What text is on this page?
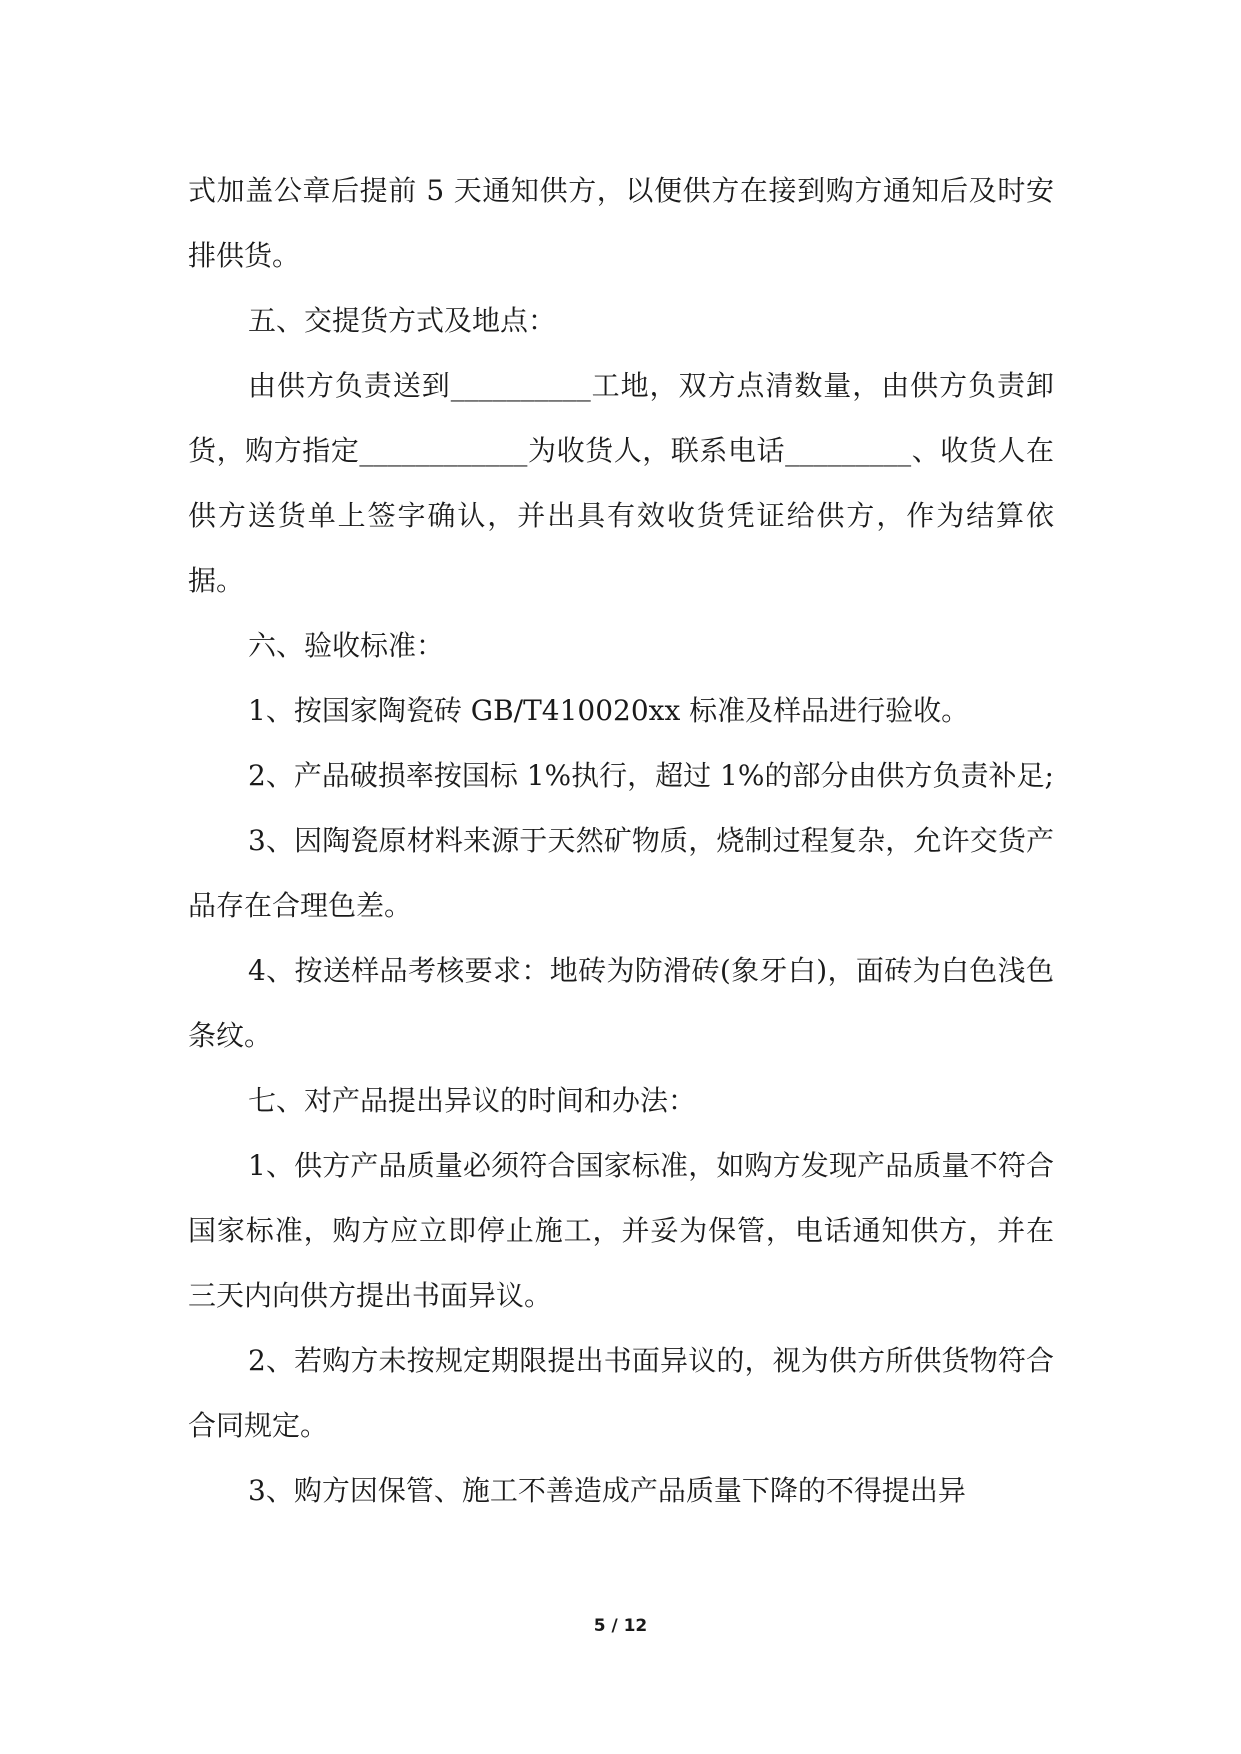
式加盖公章后提前 5 天通知供方，以便供方在接到购方通知后及时安排供货。

五、交提货方式及地点：

由供方负责送到__________工地，双方点清数量，由供方负责卸货，购方指定____________为收货人，联系电话_________、收货人在供方送货单上签字确认，并出具有效收货凭证给供方，作为结算依据。

六、验收标准：

1、按国家陶瓷砖 GB/T410020xx 标准及样品进行验收。

2、产品破损率按国标 1%执行，超过 1%的部分由供方负责补足;

3、因陶瓷原材料来源于天然矿物质，烧制过程复杂，允许交货产品存在合理色差。

4、按送样品考核要求：地砖为防滑砖(象牙白)，面砖为白色浅色条纹。

七、对产品提出异议的时间和办法：

1、供方产品质量必须符合国家标准，如购方发现产品质量不符合国家标准，购方应立即停止施工，并妥为保管，电话通知供方，并在三天内向供方提出书面异议。

2、若购方未按规定期限提出书面异议的，视为供方所供货物符合合同规定。

3、购方因保管、施工不善造成产品质量下降的不得提出异

5 / 12
